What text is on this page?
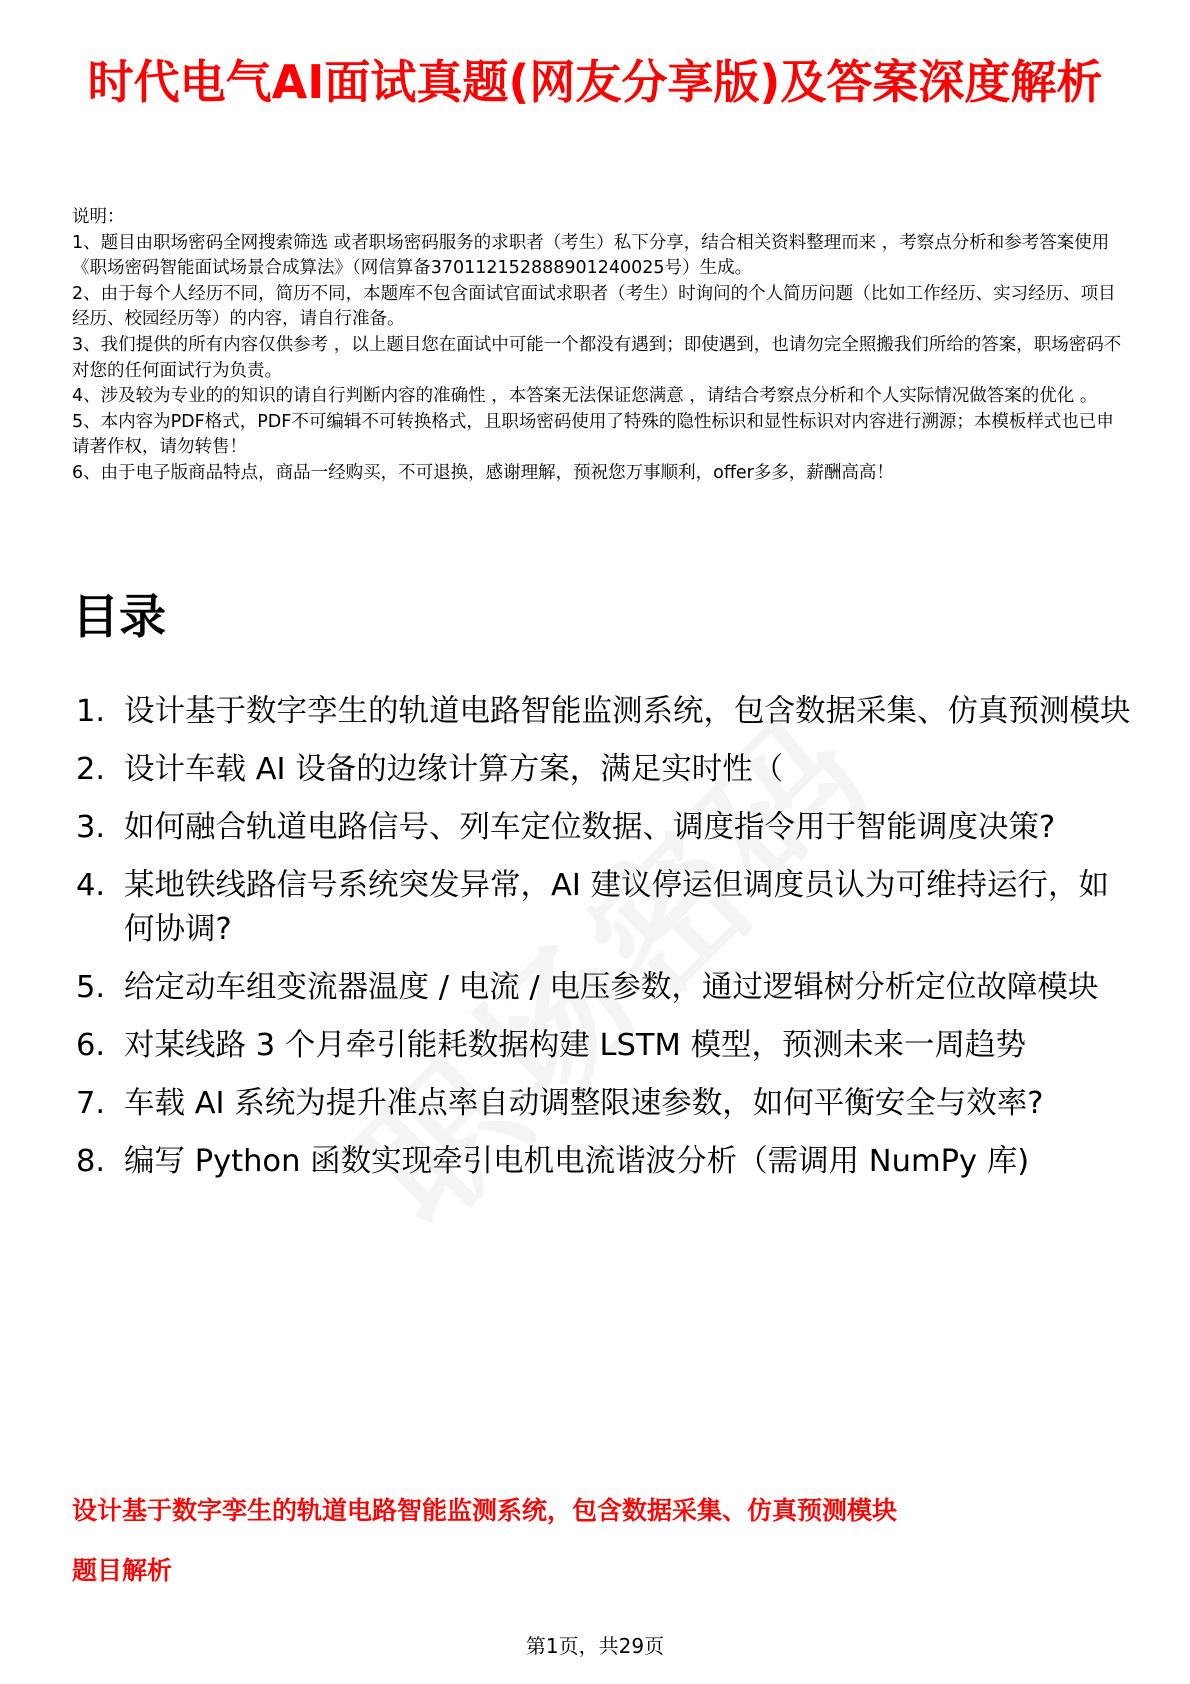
时代电气AI面试真题(网友分享版)及答案深度解析

说明：

1、题目由职场密码全网搜索筛选 或者职场密码服务的求职者（考生）私下分享，结合相关资料整理而来 ，考察点分析和参考答案使用《职场密码智能面试场景合成算法》（网信算备370112152888901240025号）生成。

2、由于每个人经历不同，简历不同，本题库不包含面试官面试求职者（考生）时询问的个人简历问题（比如工作经历、实习经历、项目经历、校园经历等）的内容，请自行准备。

3、我们提供的所有内容仅供参考 ，以上题目您在面试中可能一个都没有遇到；即使遇到，也请勿完全照搬我们所给的答案，职场密码不对您的任何面试行为负责。

4、涉及较为专业的的知识的请自行判断内容的准确性 ，本答案无法保证您满意 ，请结合考察点分析和个人实际情况做答案的优化 。

5、本内容为PDF格式，PDF不可编辑不可转换格式，且职场密码使用了特殊的隐性标识和显性标识对内容进行溯源；本模板样式也已申请著作权，请勿转售！

6、由于电子版商品特点，商品一经购买，不可退换，感谢理解，预祝您万事顺利，offer多多，薪酬高高！

目录
1. 设计基于数字孪生的轨道电路智能监测系统，包含数据采集、仿真预测模块
2. 设计车载 AI 设备的边缘计算方案，满足实时性（
3. 如何融合轨道电路信号、列车定位数据、调度指令用于智能调度决策?
4. 某地铁线路信号系统突发异常，AI 建议停运但调度员认为可维持运行，如何协调?
5. 给定动车组变流器温度 / 电流 / 电压参数，通过逻辑树分析定位故障模块
6. 对某线路 3 个月牵引能耗数据构建 LSTM 模型，预测未来一周趋势
7. 车载 AI 系统为提升准点率自动调整限速参数，如何平衡安全与效率?
8. 编写 Python 函数实现牵引电机电流谐波分析（需调用 NumPy 库)
设计基于数字孪生的轨道电路智能监测系统，包含数据采集、仿真预测模块
题目解析
第1页，共29页
